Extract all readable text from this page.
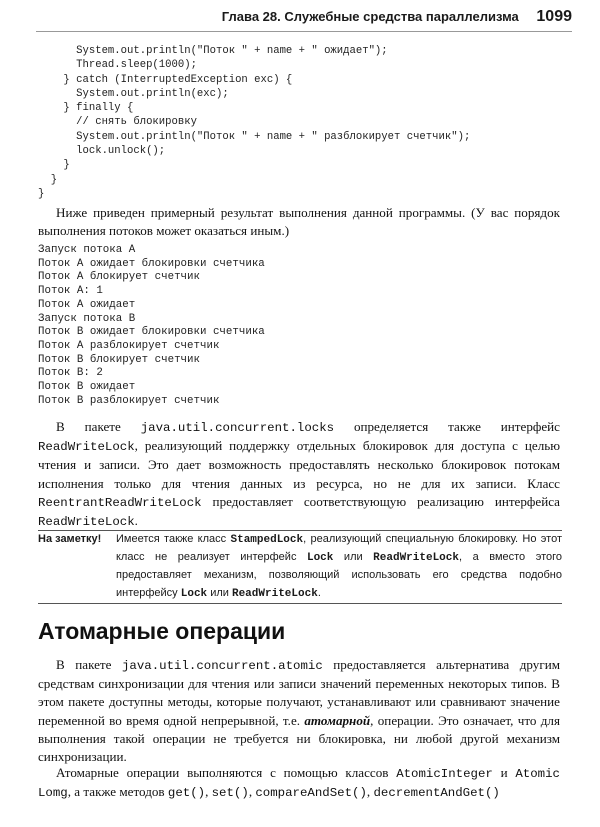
Глава 28. Служебные средства параллелизма 1099
System.out.println("Поток " + name + " ожидает");
Thread.sleep(1000);
} catch (InterruptedException exc) {
System.out.println(exc);
} finally {
// снять блокировку
System.out.println("Поток " + name + " разблокирует счетчик");
lock.unlock();
}
}
}

Ниже приведен примерный результат выполнения данной программы. (У вас порядок выполнения потоков может оказаться иным.)

Запуск потока A
Поток A ожидает блокировки счетчика
Поток A блокирует счетчик
Поток A: 1
Поток A ожидает
Запуск потока B
Поток B ожидает блокировки счетчика
Поток A разблокирует счетчик
Поток B блокирует счетчик
Поток B: 2
Поток B ожидает
Поток B разблокирует счетчик

В пакете java.util.concurrent.locks определяется также интерфейс ReadWriteLock, реализующий поддержку отдельных блокировок для доступа с целью чтения и записи. Это дает возможность предоставлять несколько блокировок потокам исполнения только для чтения данных из ресурса, но не для их записи. Класс ReentrantReadWriteLock предоставляет соответствующую реализацию интерфейса ReadWriteLock.

На заметку! Имеется также класс StampedLock, реализующий специальную блокировку. Но этот класс не реализует интерфейс Lock или ReadWriteLock, а вместо этого предоставляет механизм, позволяющий использовать его средства подобно интерфейсу Lock или ReadWriteLock.
Атомарные операции

В пакете java.util.concurrent.atomic предоставляется альтернатива другим средствам синхронизации для чтения или записи значений переменных некоторых типов. В этом пакете доступны методы, которые получают, устанавливают или сравнивают значение переменной во время одной непрерывной, т.е. атомарной, операции. Это означает, что для выполнения такой операции не требуется ни блокировка, ни любой другой механизм синхронизации.

Атомарные операции выполняются с помощью классов AtomicInteger и Atomic Lomg, а также методов get(), set(), compareAndSet(), decrementAndGet()
